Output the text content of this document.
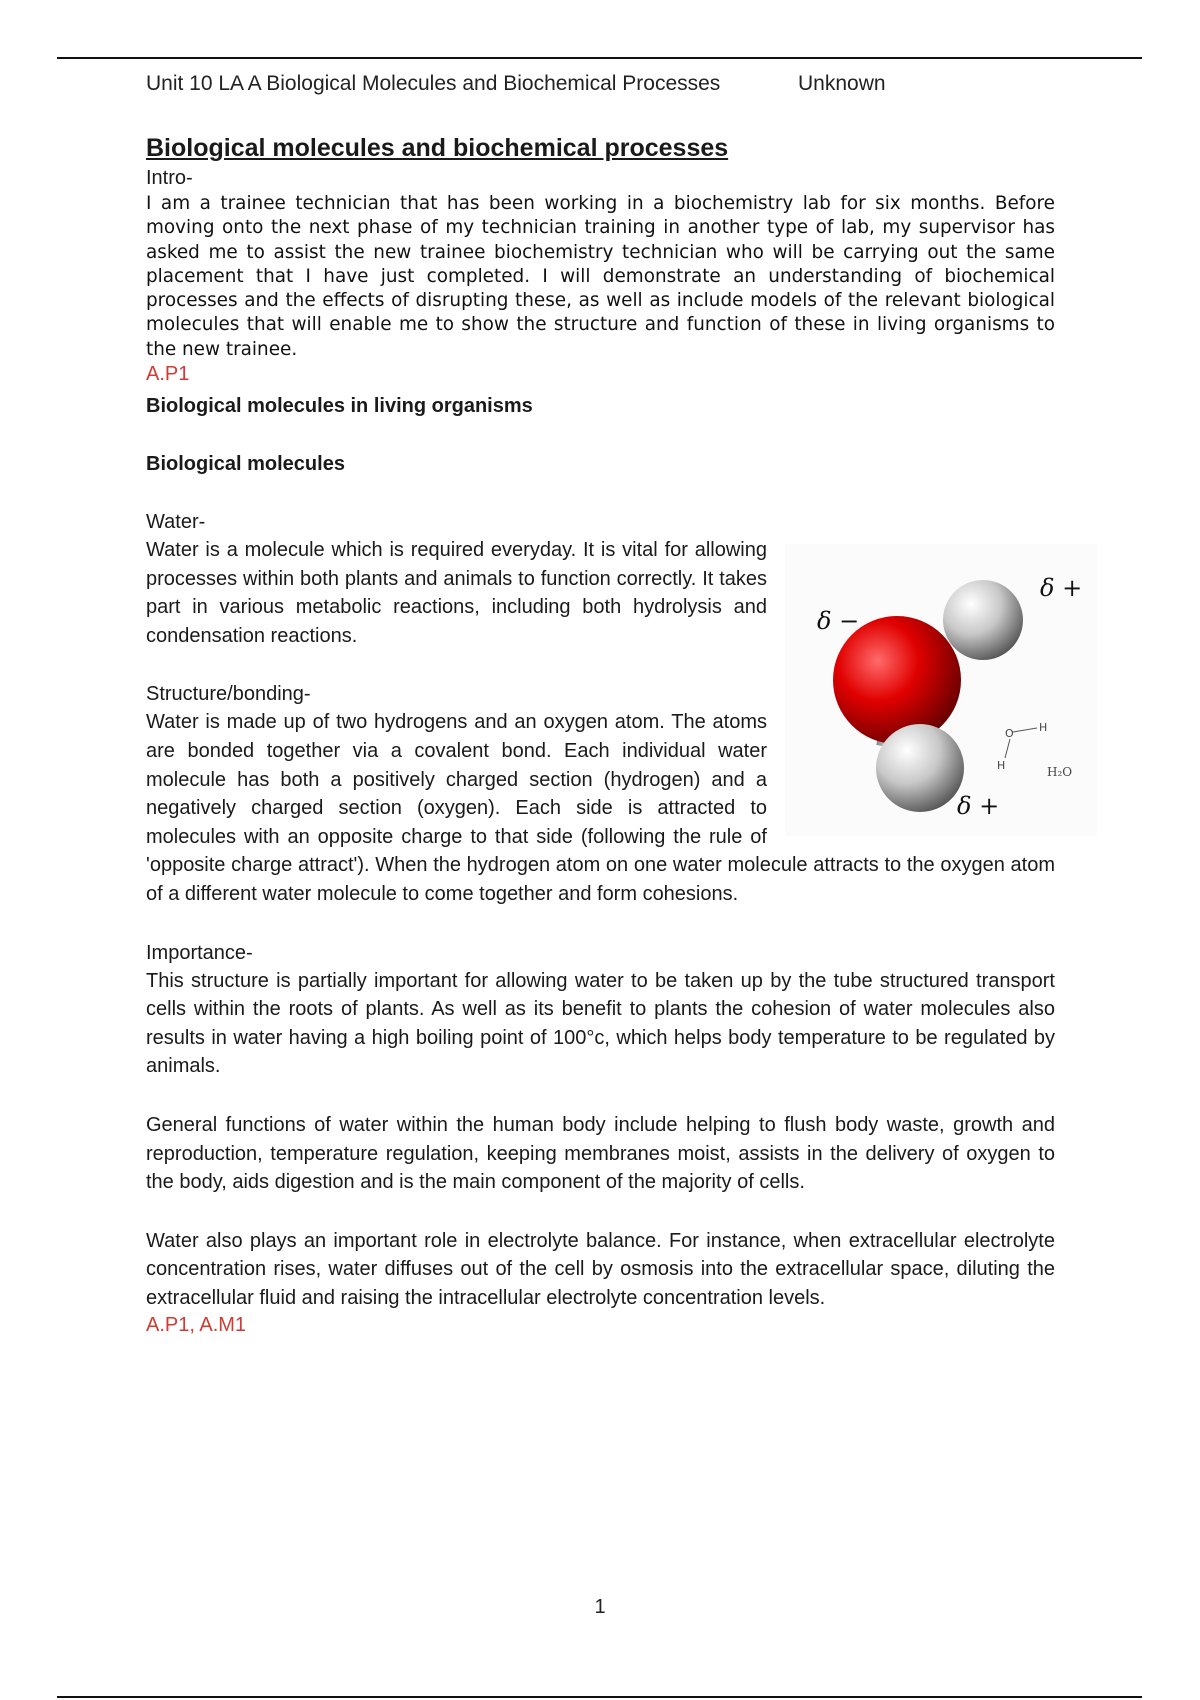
Unit 10 LA A Biological Molecules and Biochemical Processes	Unknown

Biological molecules and biochemical processes

Intro-

I am a trainee technician that has been working in a biochemistry lab for six months. Before moving onto the next phase of my technician training in another type of lab, my supervisor has asked me to assist the new trainee biochemistry technician who will be carrying out the same placement that I have just completed. I will demonstrate an understanding of biochemical processes and the effects of disrupting these, as well as include models of the relevant biological molecules that will enable me to show the structure and function of these in living organisms to the new trainee.

A.P1

Biological molecules in living organisms

Biological molecules

Water-

δ −
δ +
δ +
O H
H	H₂O

Water is a molecule which is required everyday. It is vital for allowing processes within both plants and animals to function correctly. It takes part in various metabolic reactions, including both hydrolysis and condensation reactions.

Structure/bonding-

Water is made up of two hydrogens and an oxygen atom. The atoms are bonded together via a covalent bond. Each individual water molecule has both a positively charged section (hydrogen) and a negatively charged section (oxygen). Each side is attracted to molecules with an opposite charge to that side (following the rule of 'opposite charge attract'). When the hydrogen atom on one water molecule attracts to the oxygen atom of a different water molecule to come together and form cohesions.

Importance-

This structure is partially important for allowing water to be taken up by the tube structured transport cells within the roots of plants. As well as its benefit to plants the cohesion of water molecules also results in water having a high boiling point of 100°c, which helps body temperature to be regulated by animals.

General functions of water within the human body include helping to flush body waste, growth and reproduction, temperature regulation, keeping membranes moist, assists in the delivery of oxygen to the body, aids digestion and is the main component of the majority of cells.

Water also plays an important role in electrolyte balance. For instance, when extracellular electrolyte concentration rises, water diffuses out of the cell by osmosis into the extracellular space, diluting the extracellular fluid and raising the intracellular electrolyte concentration levels.

A.P1, A.M1

1
